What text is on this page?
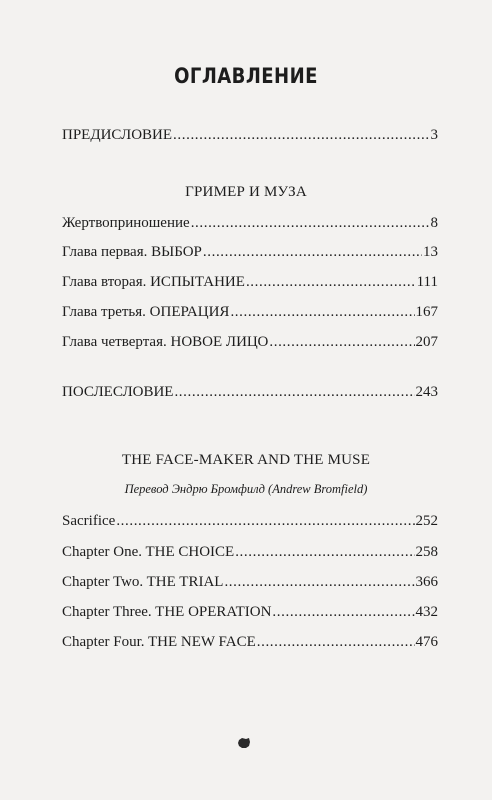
ОГЛАВЛЕНИЕ
ПРЕДИСЛОВИЕ .....	3
ГРИМЕР И МУЗА
Жертвоприношение .....	8
Глава первая. ВЫБОР .....	13
Глава вторая. ИСПЫТАНИЕ .....	111
Глава третья. ОПЕРАЦИЯ .....	167
Глава четвертая. НОВОЕ ЛИЦО .....	207
ПОСЛЕСЛОВИЕ .....	243
THE FACE-MAKER AND THE MUSE
Перевод Эндрю Бромфилд (Andrew Bromfield)
Sacrifice .....	252
Chapter One. THE CHOICE .....	258
Chapter Two. THE TRIAL .....	366
Chapter Three. THE OPERATION .....	432
Chapter Four. THE NEW FACE .....	476
